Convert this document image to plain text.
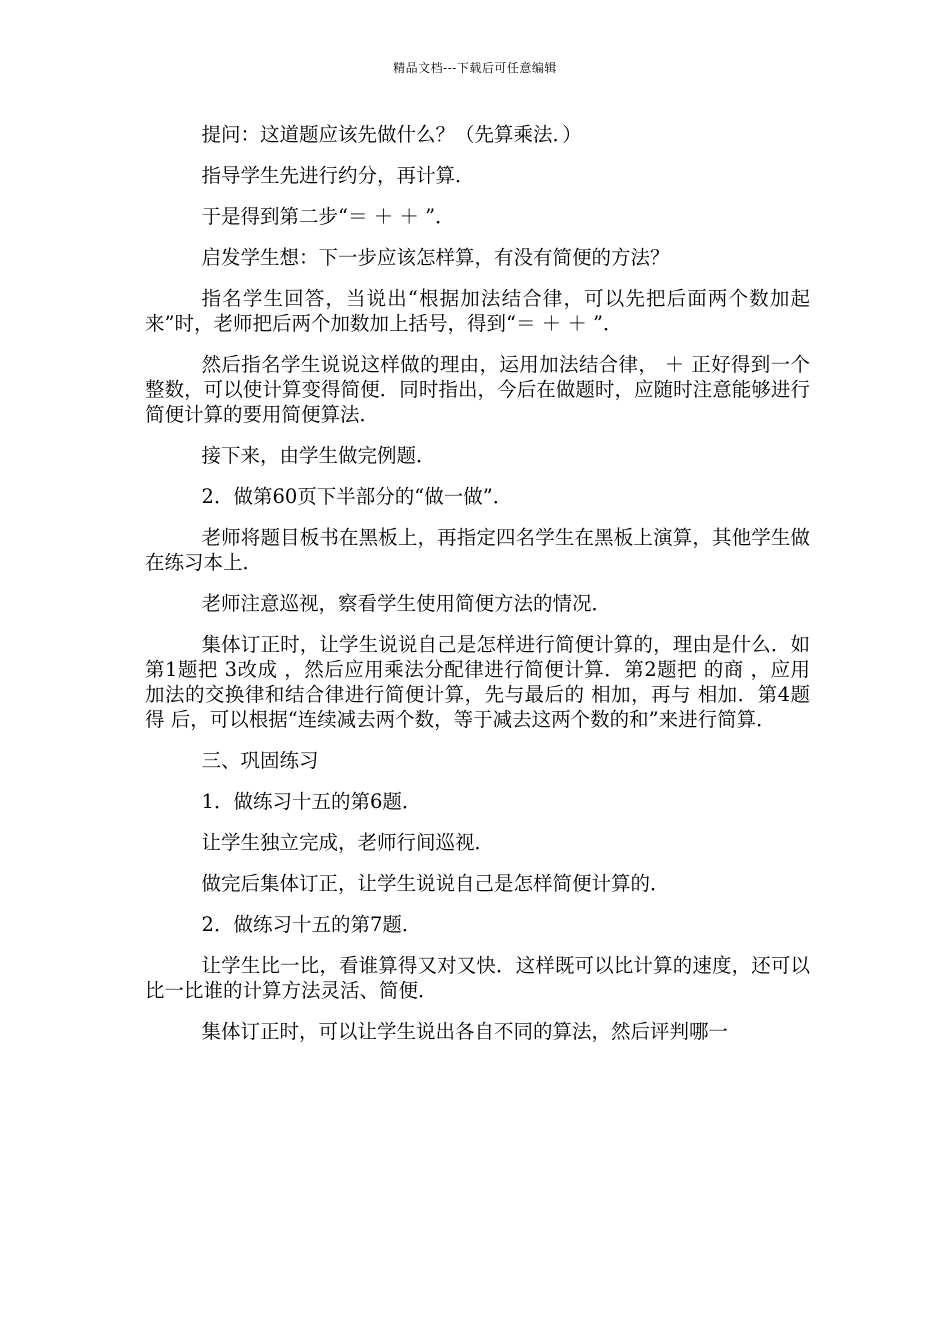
精品文档---下载后可任意编辑

提问：这道题应该先做什么？（先算乘法．）

指导学生先进行约分，再计算．

于是得到第二步“＝ ＋ ＋ ”．

启发学生想：下一步应该怎样算，有没有简便的方法？

指名学生回答，当说出“根据加法结合律，可以先把后面两个数加起来”时，老师把后两个加数加上括号，得到“＝ ＋ ＋ ”．

然后指名学生说说这样做的理由，运用加法结合律， ＋ 正好得到一个整数，可以使计算变得简便．同时指出，今后在做题时，应随时注意能够进行简便计算的要用简便算法．

接下来，由学生做完例题．

2．做第60页下半部分的“做一做”．

老师将题目板书在黑板上，再指定四名学生在黑板上演算，其他学生做在练习本上．

老师注意巡视，察看学生使用简便方法的情况．

集体订正时，让学生说说自己是怎样进行简便计算的，理由是什么．如第1题把 3改成 ，然后应用乘法分配律进行简便计算．第2题把 的商 ，应用加法的交换律和结合律进行简便计算，先与最后的 相加，再与 相加．第4题 得 后，可以根据“连续减去两个数，等于减去这两个数的和”来进行简算．

三、巩固练习

1．做练习十五的第6题．

让学生独立完成，老师行间巡视．

做完后集体订正，让学生说说自己是怎样简便计算的．

2．做练习十五的第7题．

让学生比一比，看谁算得又对又快．这样既可以比计算的速度，还可以比一比谁的计算方法灵活、简便．

集体订正时，可以让学生说出各自不同的算法，然后评判哪一
